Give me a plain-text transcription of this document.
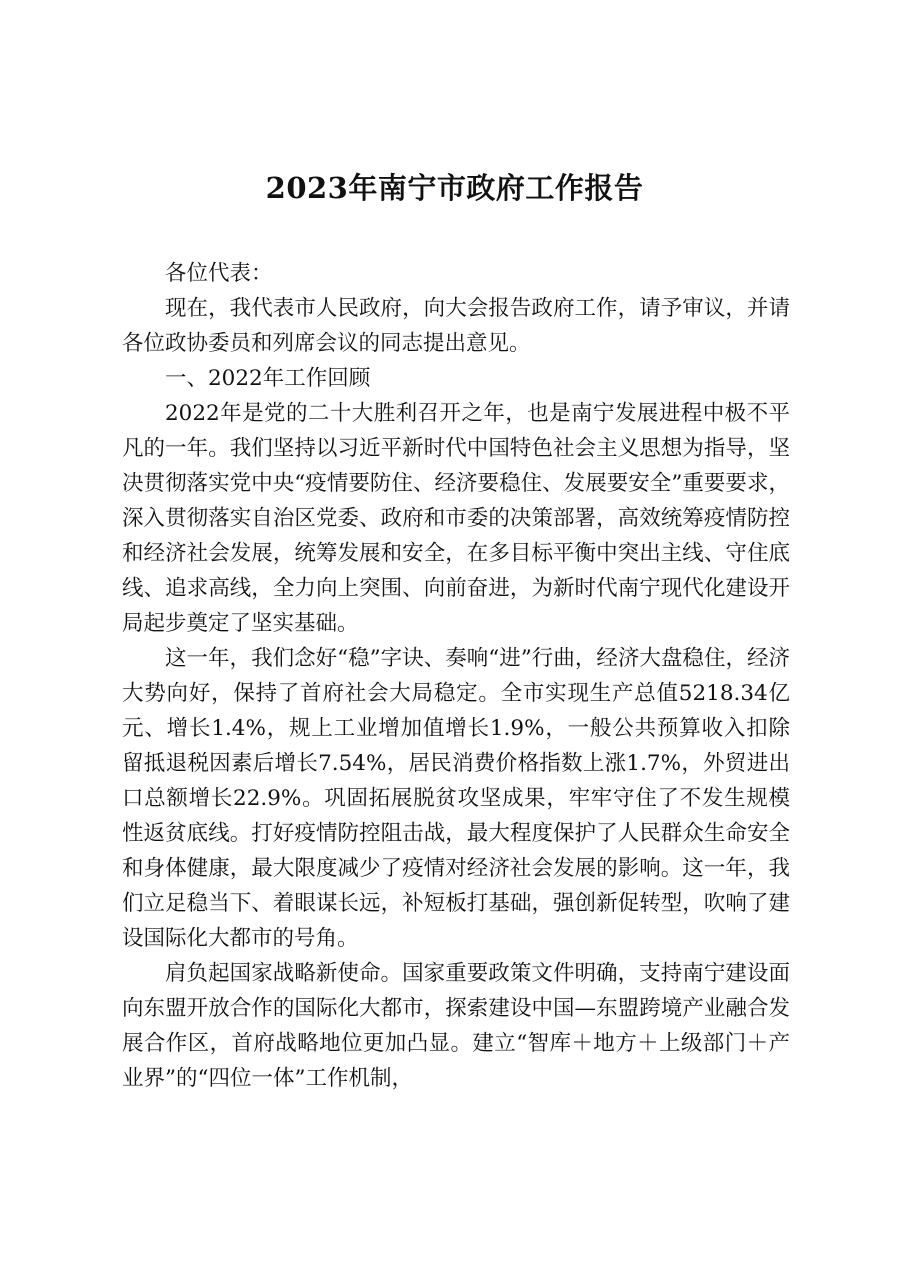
2023年南宁市政府工作报告

各位代表：

现在，我代表市人民政府，向大会报告政府工作，请予审议，并请各位政协委员和列席会议的同志提出意见。

一、2022年工作回顾

2022年是党的二十大胜利召开之年，也是南宁发展进程中极不平凡的一年。我们坚持以习近平新时代中国特色社会主义思想为指导，坚决贯彻落实党中央“疫情要防住、经济要稳住、发展要安全”重要要求，深入贯彻落实自治区党委、政府和市委的决策部署，高效统筹疫情防控和经济社会发展，统筹发展和安全，在多目标平衡中突出主线、守住底线、追求高线，全力向上突围、向前奋进，为新时代南宁现代化建设开局起步奠定了坚实基础。

这一年，我们念好“稳”字诀、奏响“进”行曲，经济大盘稳住，经济大势向好，保持了首府社会大局稳定。全市实现生产总值5218.34亿元、增长1.4%，规上工业增加值增长1.9%，一般公共预算收入扣除留抵退税因素后增长7.54%，居民消费价格指数上涨1.7%，外贸进出口总额增长22.9%。巩固拓展脱贫攻坚成果，牢牢守住了不发生规模性返贫底线。打好疫情防控阻击战，最大程度保护了人民群众生命安全和身体健康，最大限度减少了疫情对经济社会发展的影响。这一年，我们立足稳当下、着眼谋长远，补短板打基础，强创新促转型，吹响了建设国际化大都市的号角。

肩负起国家战略新使命。国家重要政策文件明确，支持南宁建设面向东盟开放合作的国际化大都市，探索建设中国—东盟跨境产业融合发展合作区，首府战略地位更加凸显。建立“智库＋地方＋上级部门＋产业界”的“四位一体”工作机制，
